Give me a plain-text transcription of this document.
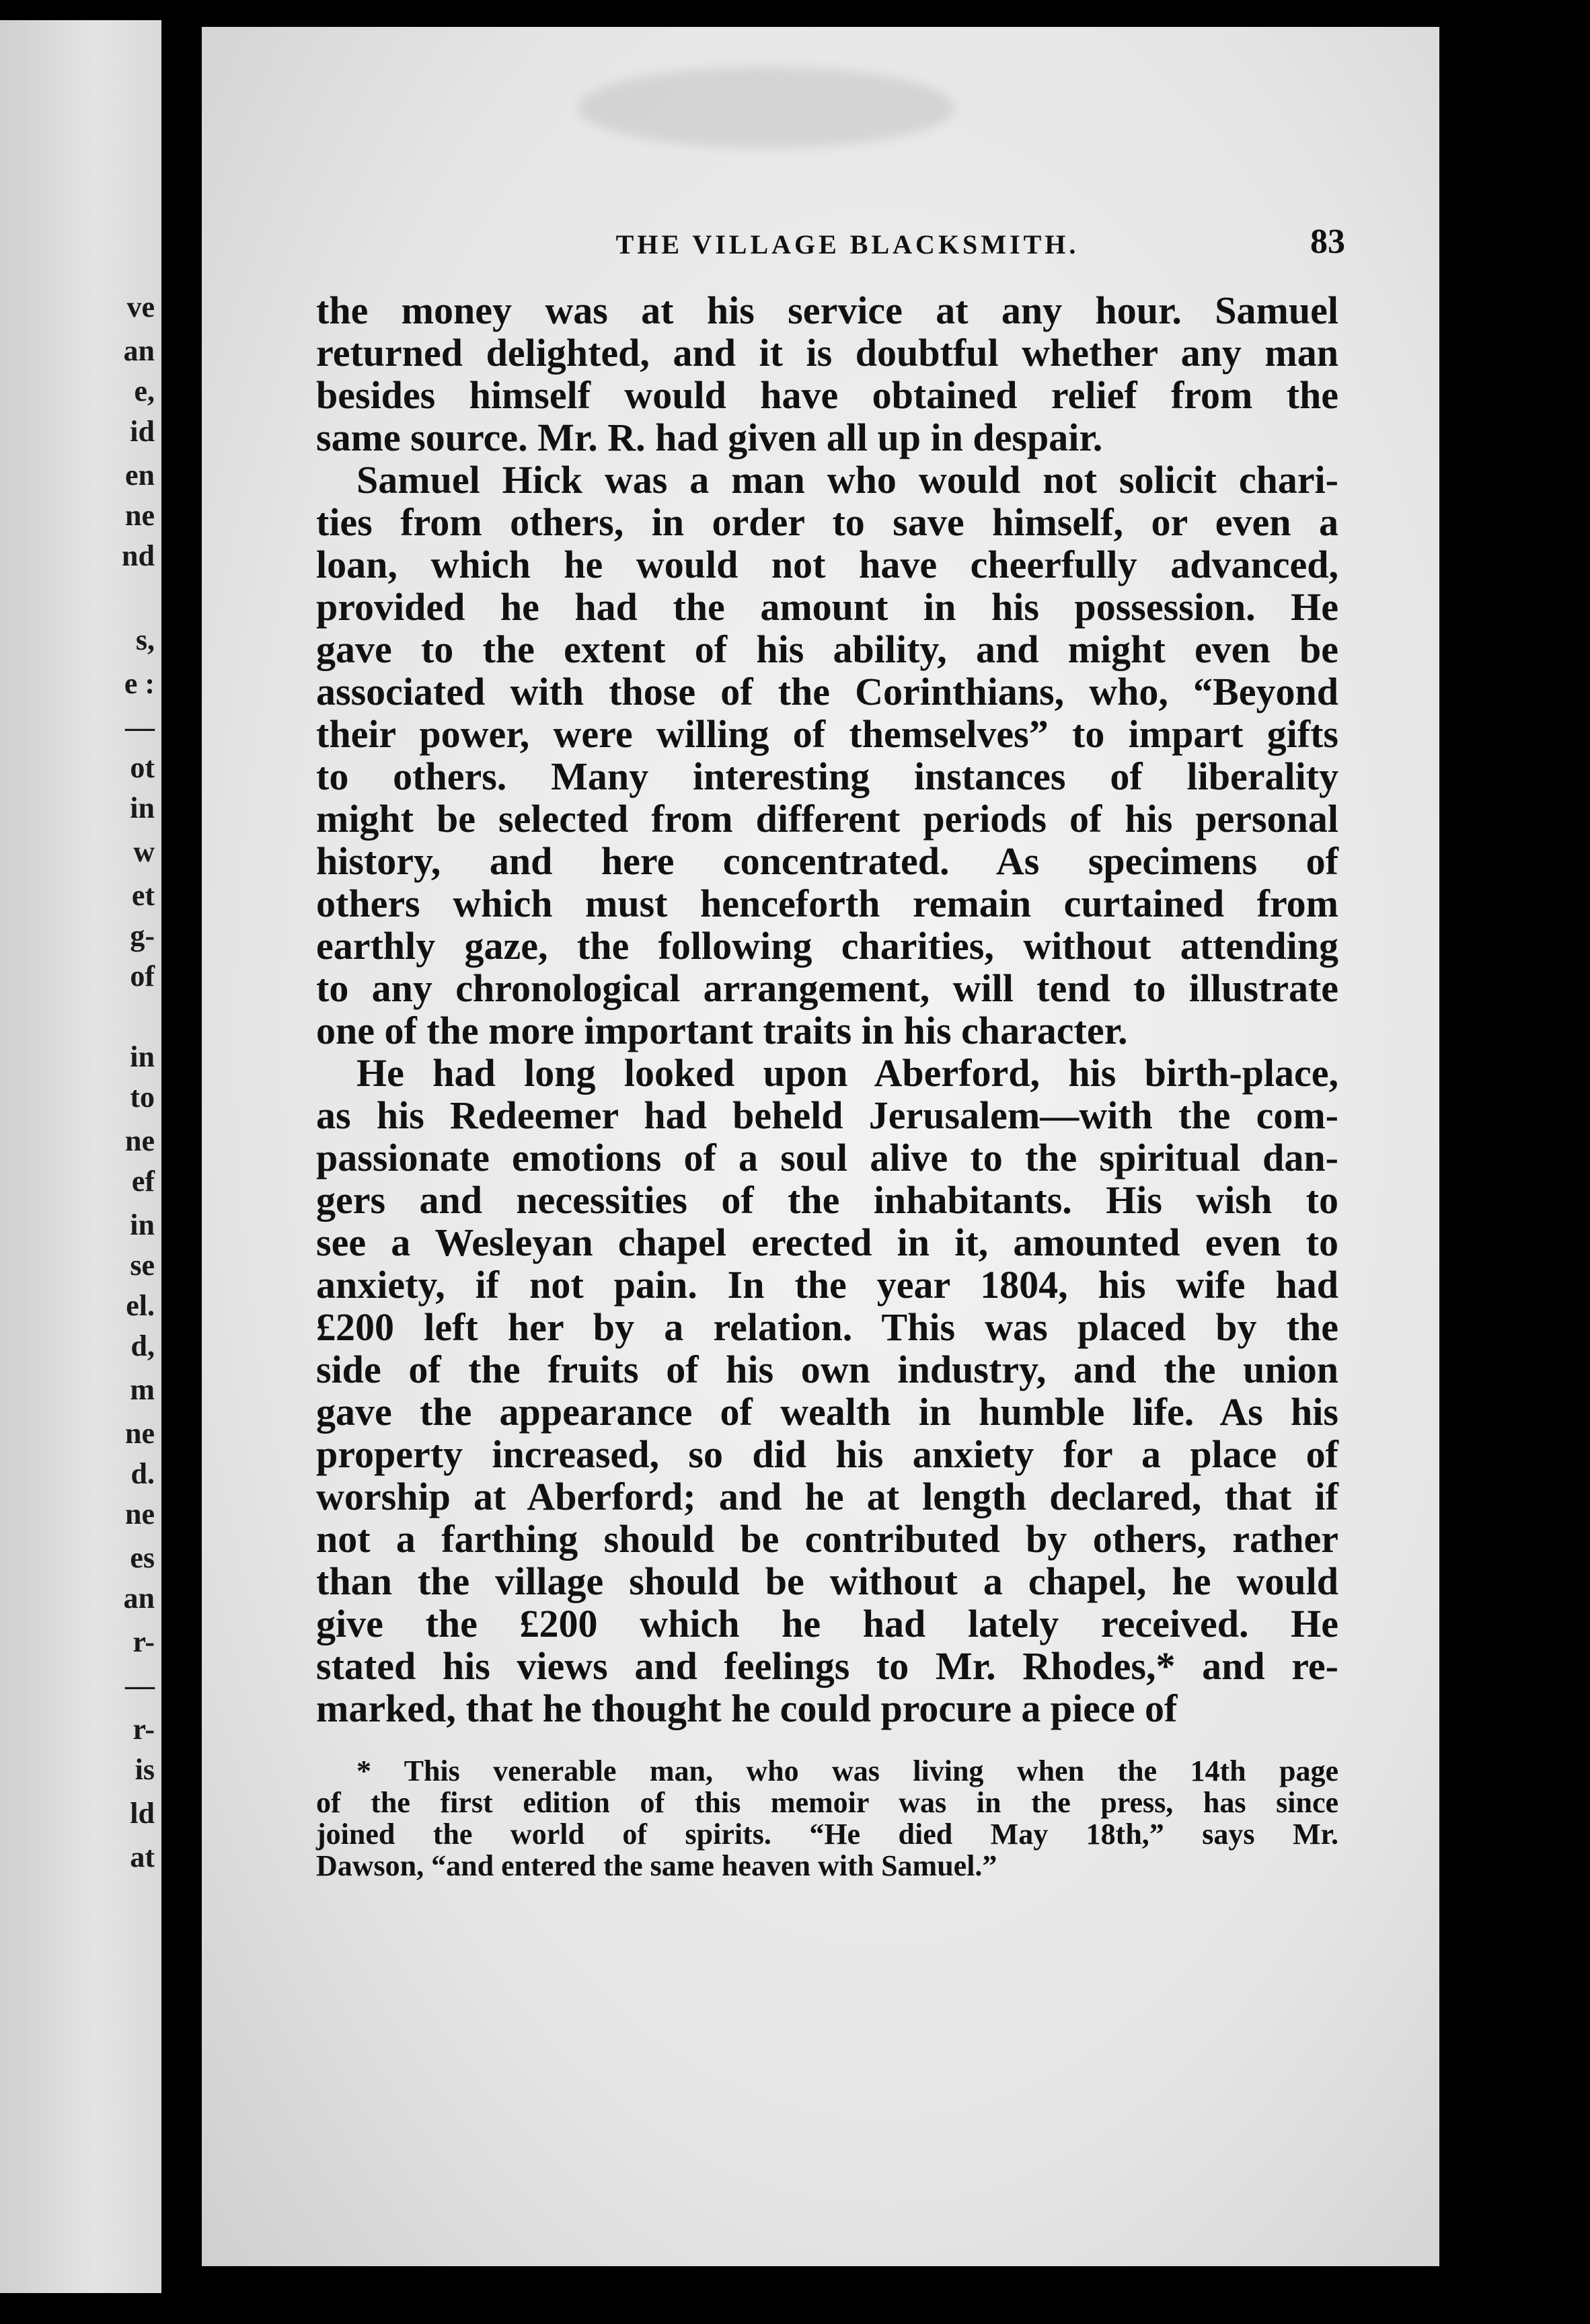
ve
an
e,
id
en
ne
nd
s,
e :
—
ot
in
w
et
g-
of
in
to
ne
ef
in
se
el.
d,
m
ne
d.
ne
es
an
r-
—
r-
is
ld
at
THE VILLAGE BLACKSMITH.	83
the money was at his service at any hour. Samuel
returned delighted, and it is doubtful whether any man
besides himself would have obtained relief from the
same source. Mr. R. had given all up in despair.
Samuel Hick was a man who would not solicit chari-
ties from others, in order to save himself, or even a
loan, which he would not have cheerfully advanced,
provided he had the amount in his possession. He
gave to the extent of his ability, and might even be
associated with those of the Corinthians, who, “Beyond
their power, were willing of themselves” to impart gifts
to others. Many interesting instances of liberality
might be selected from different periods of his personal
history, and here concentrated. As specimens of
others which must henceforth remain curtained from
earthly gaze, the following charities, without attending
to any chronological arrangement, will tend to illustrate
one of the more important traits in his character.
He had long looked upon Aberford, his birth-place,
as his Redeemer had beheld Jerusalem—with the com-
passionate emotions of a soul alive to the spiritual dan-
gers and necessities of the inhabitants. His wish to
see a Wesleyan chapel erected in it, amounted even to
anxiety, if not pain. In the year 1804, his wife had
£200 left her by a relation. This was placed by the
side of the fruits of his own industry, and the union
gave the appearance of wealth in humble life. As his
property increased, so did his anxiety for a place of
worship at Aberford; and he at length declared, that if
not a farthing should be contributed by others, rather
than the village should be without a chapel, he would
give the £200 which he had lately received. He
stated his views and feelings to Mr. Rhodes,* and re-
marked, that he thought he could procure a piece of
* This venerable man, who was living when the 14th page
of the first edition of this memoir was in the press, has since
joined the world of spirits. “He died May 18th,” says Mr.
Dawson, “and entered the same heaven with Samuel.”
